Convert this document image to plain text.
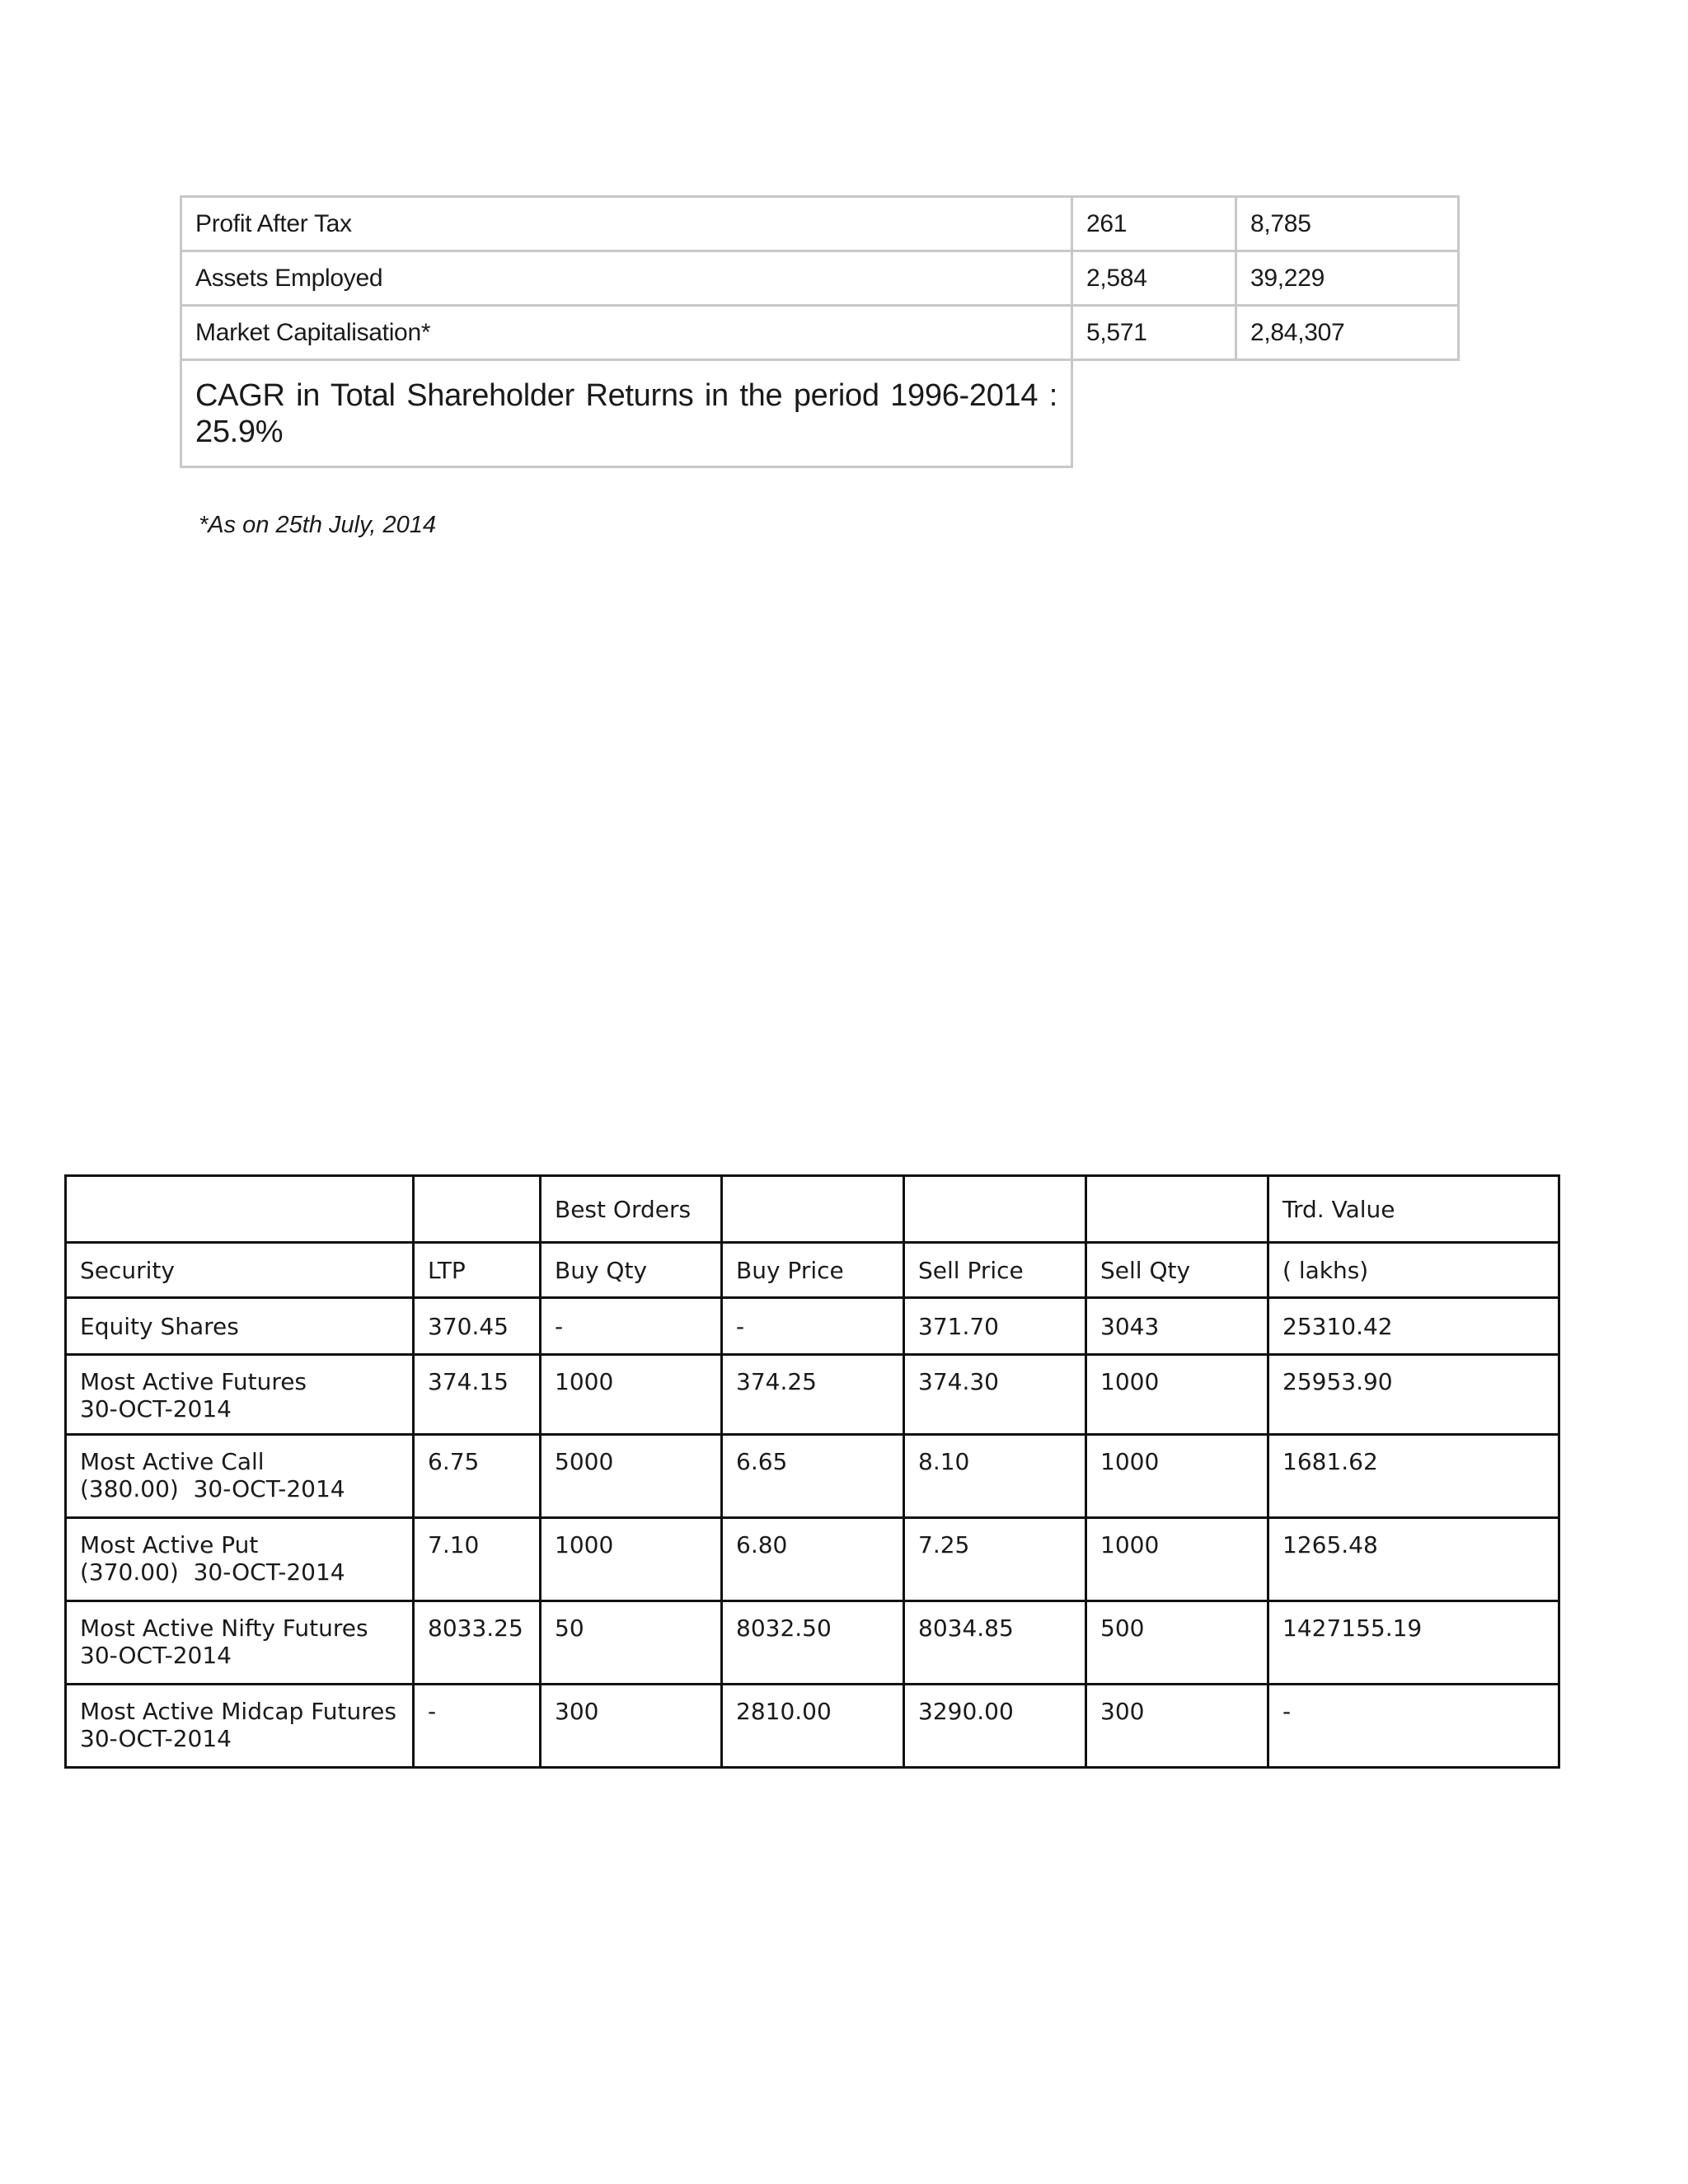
Profit After Tax	261	8,785
Assets Employed	2,584	39,229
Market Capitalisation*	5,571	2,84,307
CAGR in Total Shareholder Returns in the period 1996-2014 : 25.9%		
*As on 25th July, 2014
		Best Orders				Trd. Value
Security	LTP	Buy Qty	Buy Price	Sell Price	Sell Qty	( lakhs)

Equity Shares	370.45	-	-	371.70	3043	25310.42

Most Active Futures
30-OCT-2014	374.15	1000	374.25	374.30	1000	25953.90

Most Active Call
(380.00)  30-OCT-2014	6.75	5000	6.65	8.10	1000	1681.62

Most Active Put
(370.00)  30-OCT-2014	7.10	1000	6.80	7.25	1000	1265.48

Most Active Nifty Futures
30-OCT-2014	8033.25	50	8032.50	8034.85	500	1427155.19

Most Active Midcap Futures
30-OCT-2014	-	300	2810.00	3290.00	300	-
